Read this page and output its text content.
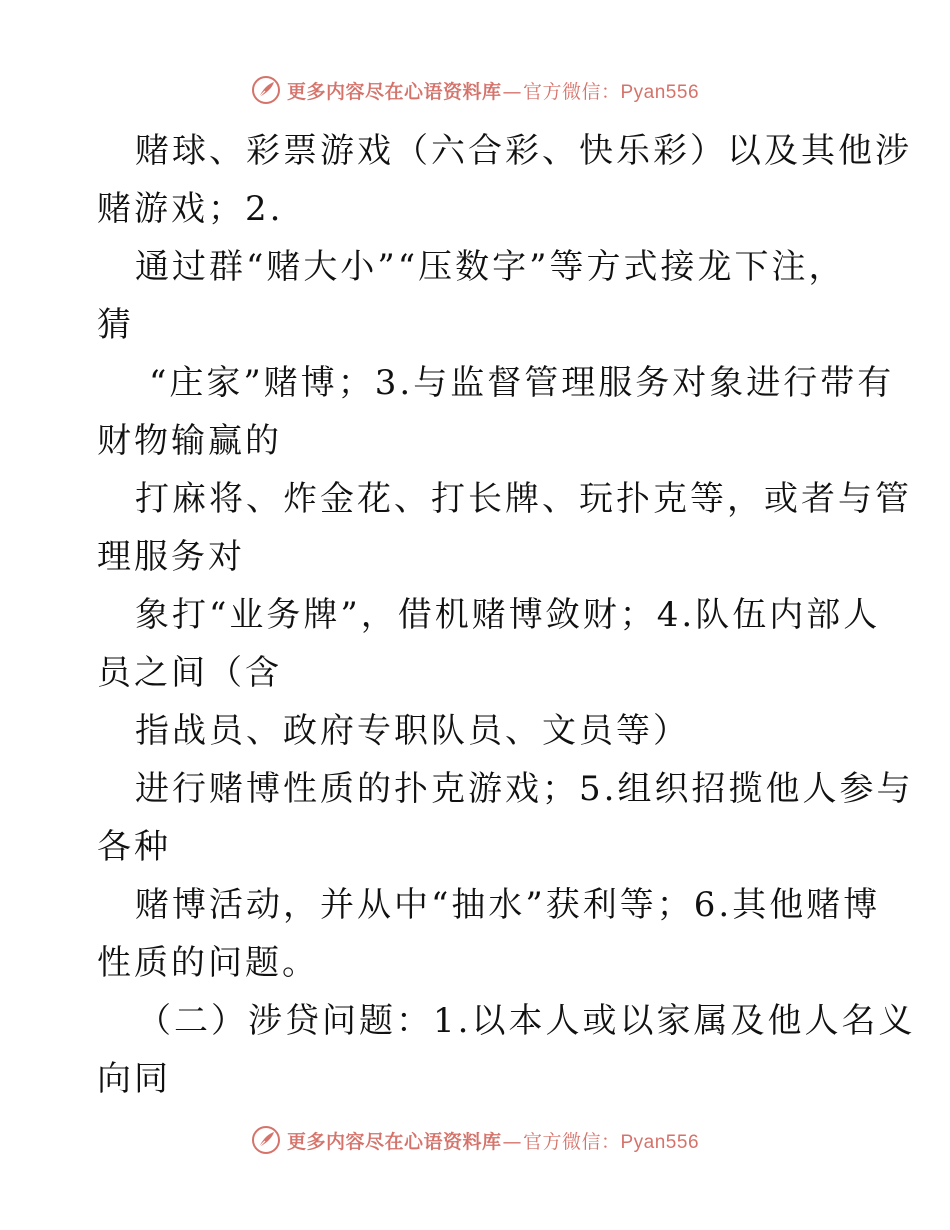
更多内容尽在心语资料库—官方微信：Pyan556
赌球、彩票游戏（六合彩、快乐彩）以及其他涉
赌游戏；2.
通过群“赌大小”“压数字”等方式接龙下注，
猜
“庄家”赌博；3.与监督管理服务对象进行带有
财物输赢的
打麻将、炸金花、打长牌、玩扑克等，或者与管
理服务对
象打“业务牌”，借机赌博敛财；4.队伍内部人
员之间（含
指战员、政府专职队员、文员等）
进行赌博性质的扑克游戏；5.组织招揽他人参与
各种
赌博活动，并从中“抽水”获利等；6.其他赌博
性质的问题。
（二）涉贷问题：1.以本人或以家属及他人名义
向同
更多内容尽在心语资料库—官方微信：Pyan556
